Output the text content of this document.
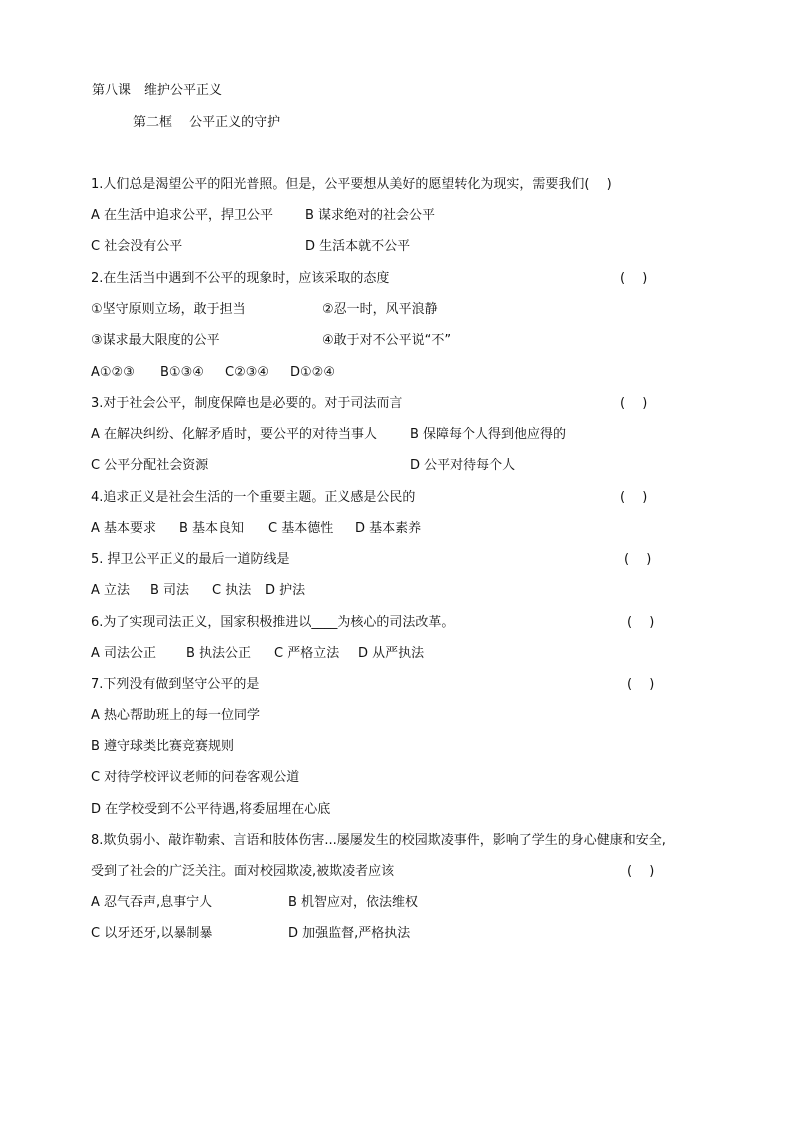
第八课　维护公平正义
第二框　 公平正义的守护
1.人们总是渴望公平的阳光普照。但是，公平要想从美好的愿望转化为现实，需要我们(　 )
A 在生活中追求公平，捍卫公平 B 谋求绝对的社会公平
C 社会没有公平	D 生活本就不公平
2.在生活当中遇到不公平的现象时，应该采取的态度	(　 )
①坚守原则立场，敢于担当	②忍一时，风平浪静
③谋求最大限度的公平	④敢于对不公平说“不”
A①②③ B①③④ C②③④ D①②④
3.对于社会公平，制度保障也是必要的。对于司法而言	(　 )
A 在解决纠纷、化解矛盾时，要公平的对待当事人	B 保障每个人得到他应得的
C 公平分配社会资源	D 公平对待每个人
4.追求正义是社会生活的一个重要主题。正义感是公民的	(　 )
A 基本要求 B 基本良知 C 基本德性 D 基本素养
5. 捍卫公平正义的最后一道防线是	(　 )
A 立法 B 司法 C 执法 D 护法
6.为了实现司法正义，国家积极推进以____为核心的司法改革。	(　 )
A 司法公正 B 执法公正 C 严格立法 D 从严执法
7.下列没有做到坚守公平的是	(　 )
A 热心帮助班上的每一位同学
B 遵守球类比赛竞赛规则
C 对待学校评议老师的问卷客观公道
D 在学校受到不公平待遇,将委屈埋在心底
8.欺负弱小、敲诈勒索、言语和肢体伤害...屡屡发生的校园欺凌事件，影响了学生的身心健康和安全,
受到了社会的广泛关注。面对校园欺凌,被欺凌者应该	(　 )
A 忍气吞声,息事宁人	B 机智应对，依法维权
C 以牙还牙,以暴制暴	D 加强监督,严格执法
